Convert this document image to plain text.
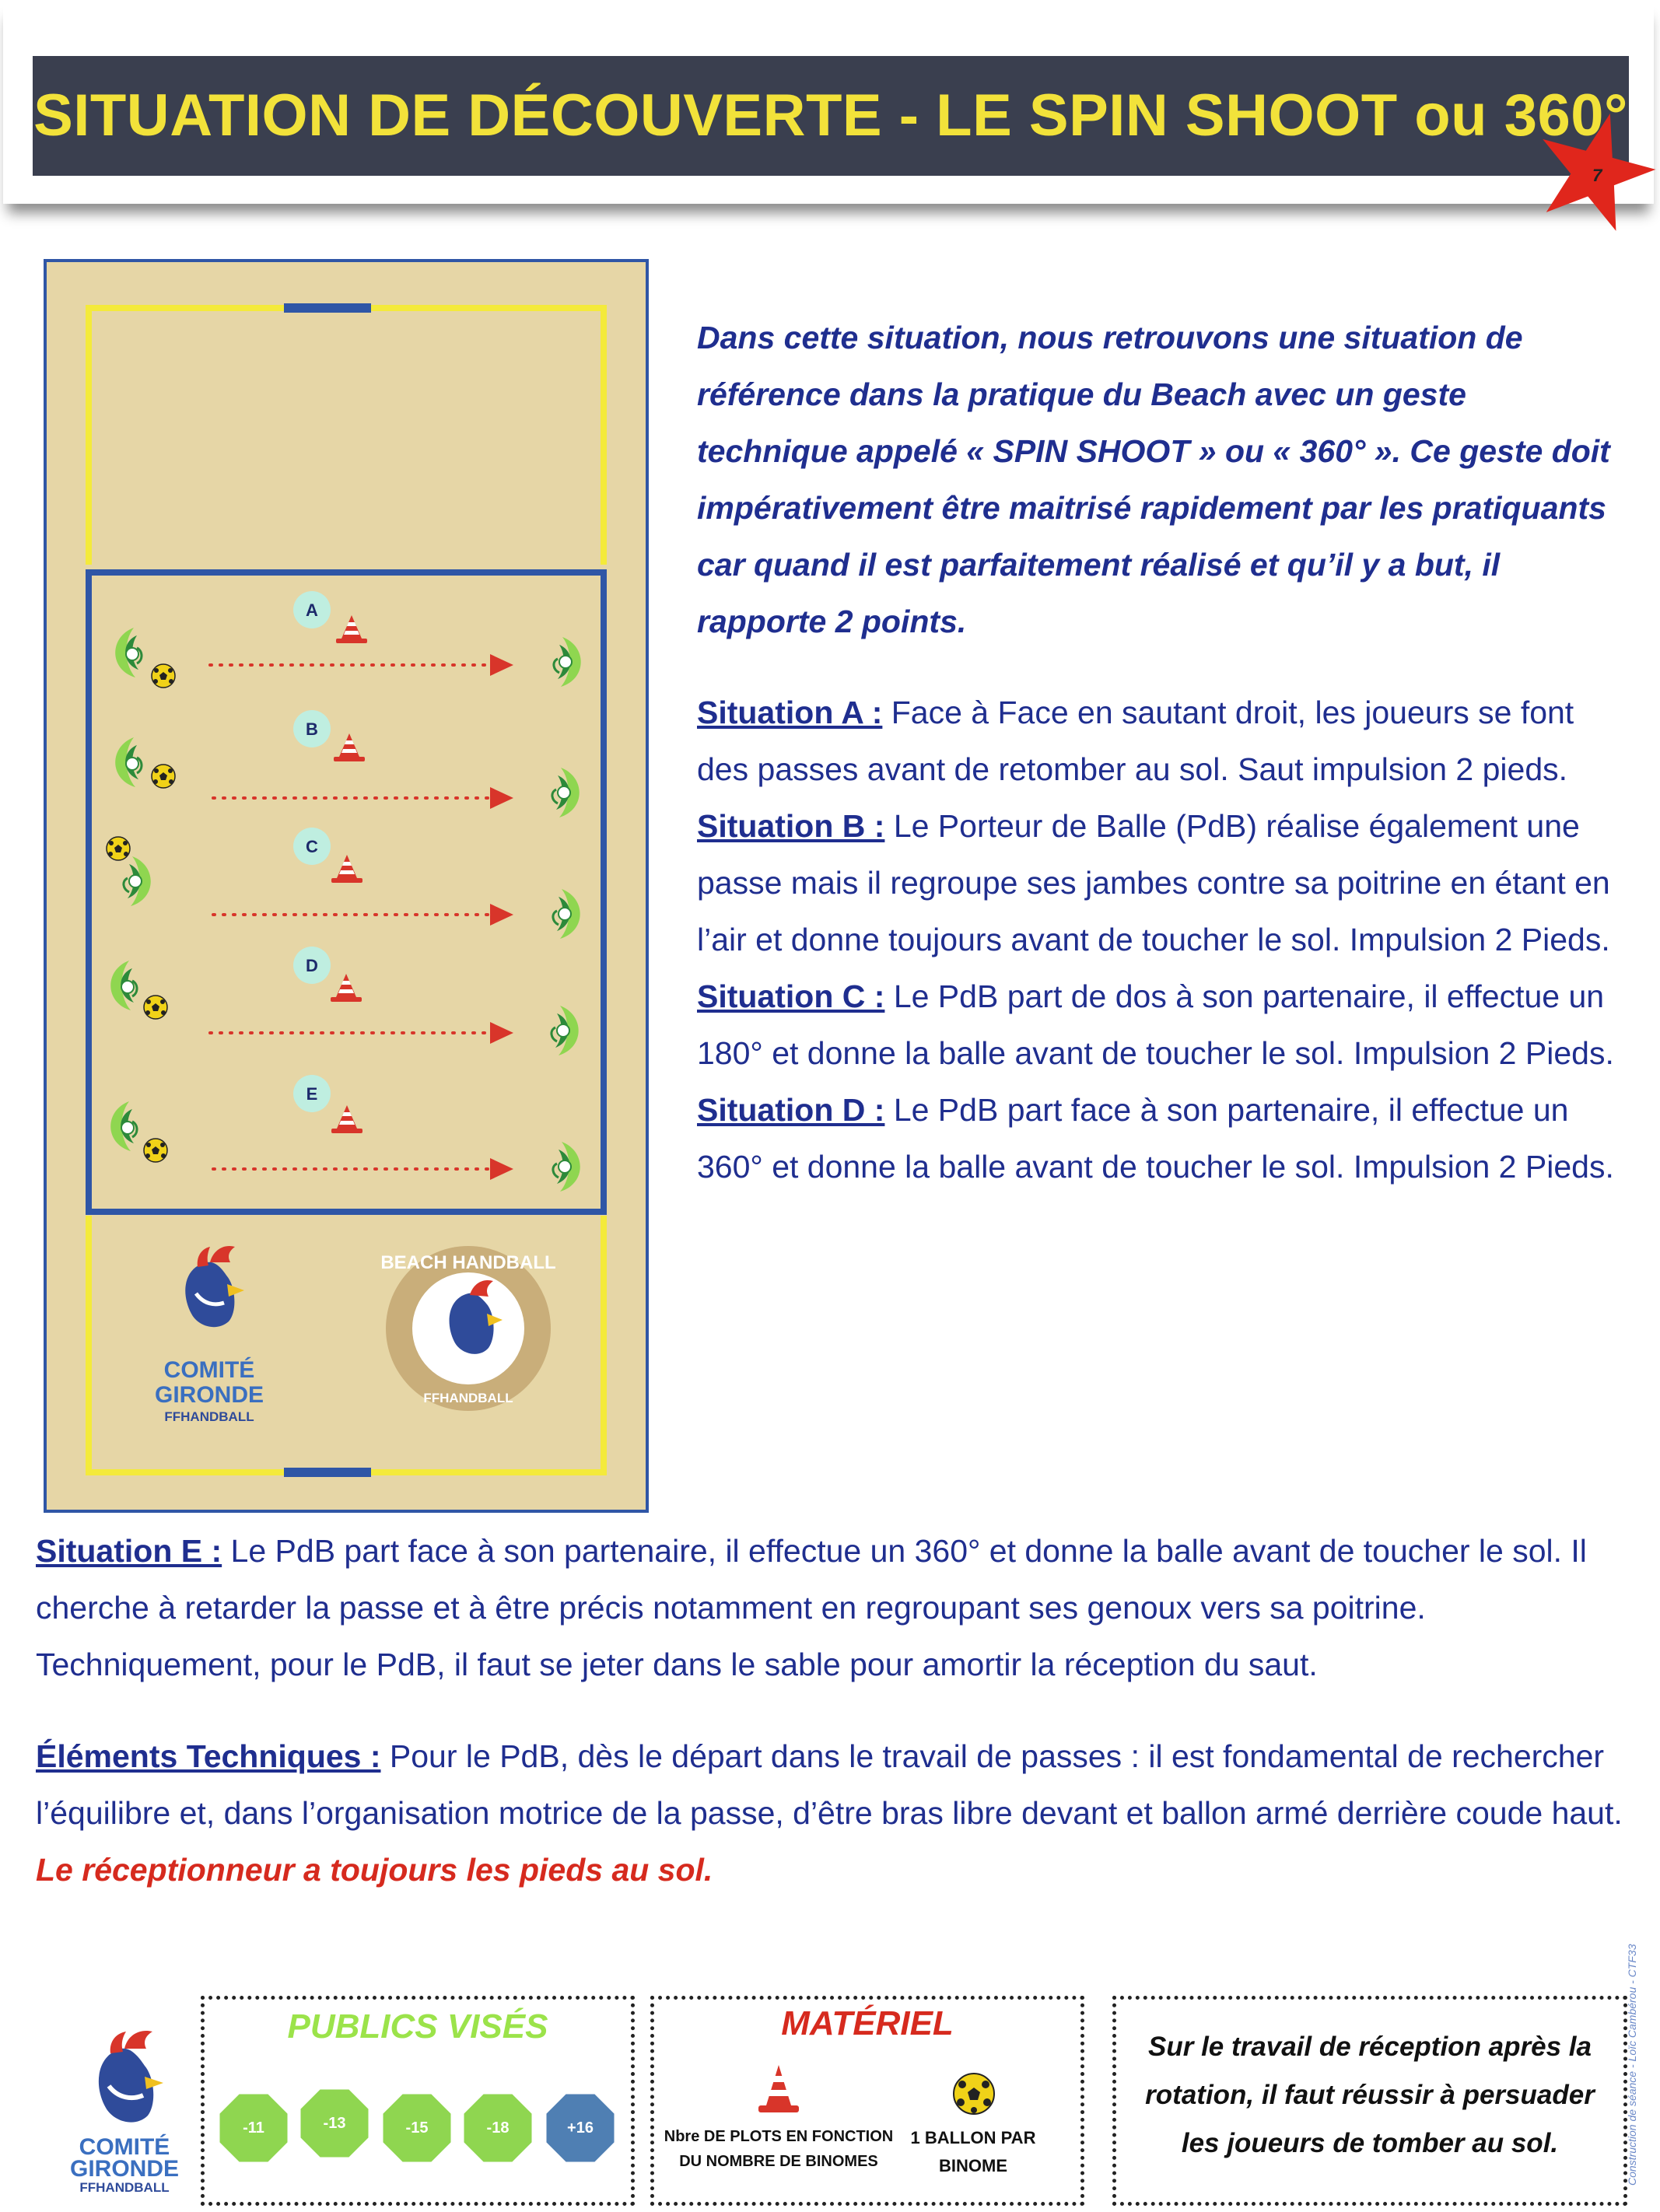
SITUATION DE DÉCOUVERTE - LE SPIN SHOOT ou 360°
7
A
B
C
D
E
COMITÉ
GIRONDE
FFHANDBALL
BEACH HANDBALL
FFHANDBALL
Dans cette situation, nous retrouvons une situation de référence dans la pratique du Beach avec un geste technique appelé « SPIN SHOOT » ou « 360° ». Ce geste doit impérativement être maitrisé rapidement par les pratiquants car quand il est parfaitement réalisé et qu’il y a but, il rapporte 2 points.

Situation A : Face à Face en sautant droit, les joueurs se font des passes avant de retomber au sol. Saut impulsion 2 pieds.

Situation B : Le Porteur de Balle (PdB) réalise également une passe mais il regroupe ses jambes contre sa poitrine en étant en l’air et donne toujours avant de toucher le sol. Impulsion 2 Pieds.

Situation C : Le PdB part de dos à son partenaire, il effectue un 180° et donne la balle avant de toucher le sol. Impulsion 2 Pieds.

Situation D : Le PdB part face à son partenaire, il effectue un 360° et donne la balle avant de toucher le sol. Impulsion 2 Pieds.

Situation E : Le PdB part face à son partenaire, il effectue un 360° et donne la balle avant de toucher le sol. Il cherche à retarder la passe et à être précis notamment en regroupant ses genoux vers sa poitrine. Techniquement, pour le PdB, il faut se jeter dans le sable pour amortir la réception du saut.

Éléments Techniques : Pour le PdB, dès le départ dans le travail de passes : il est fondamental de rechercher l’équilibre et, dans l’organisation motrice de la passe, d’être bras libre devant et ballon armé derrière coude haut.

Le réceptionneur a toujours les pieds au sol.

COMITÉ
GIRONDE
FFHANDBALL
PUBLICS VISÉS
-11	-13	-15	-18	+16
MATÉRIEL
Nbre DE PLOTS EN FONCTION
DU NOMBRE DE BINOMES
1 BALLON PAR
BINOME
Sur le travail de réception après la rotation, il faut réussir à persuader les joueurs de tomber au sol.	Construction de séance - Loïc Cambérou - CTF33
